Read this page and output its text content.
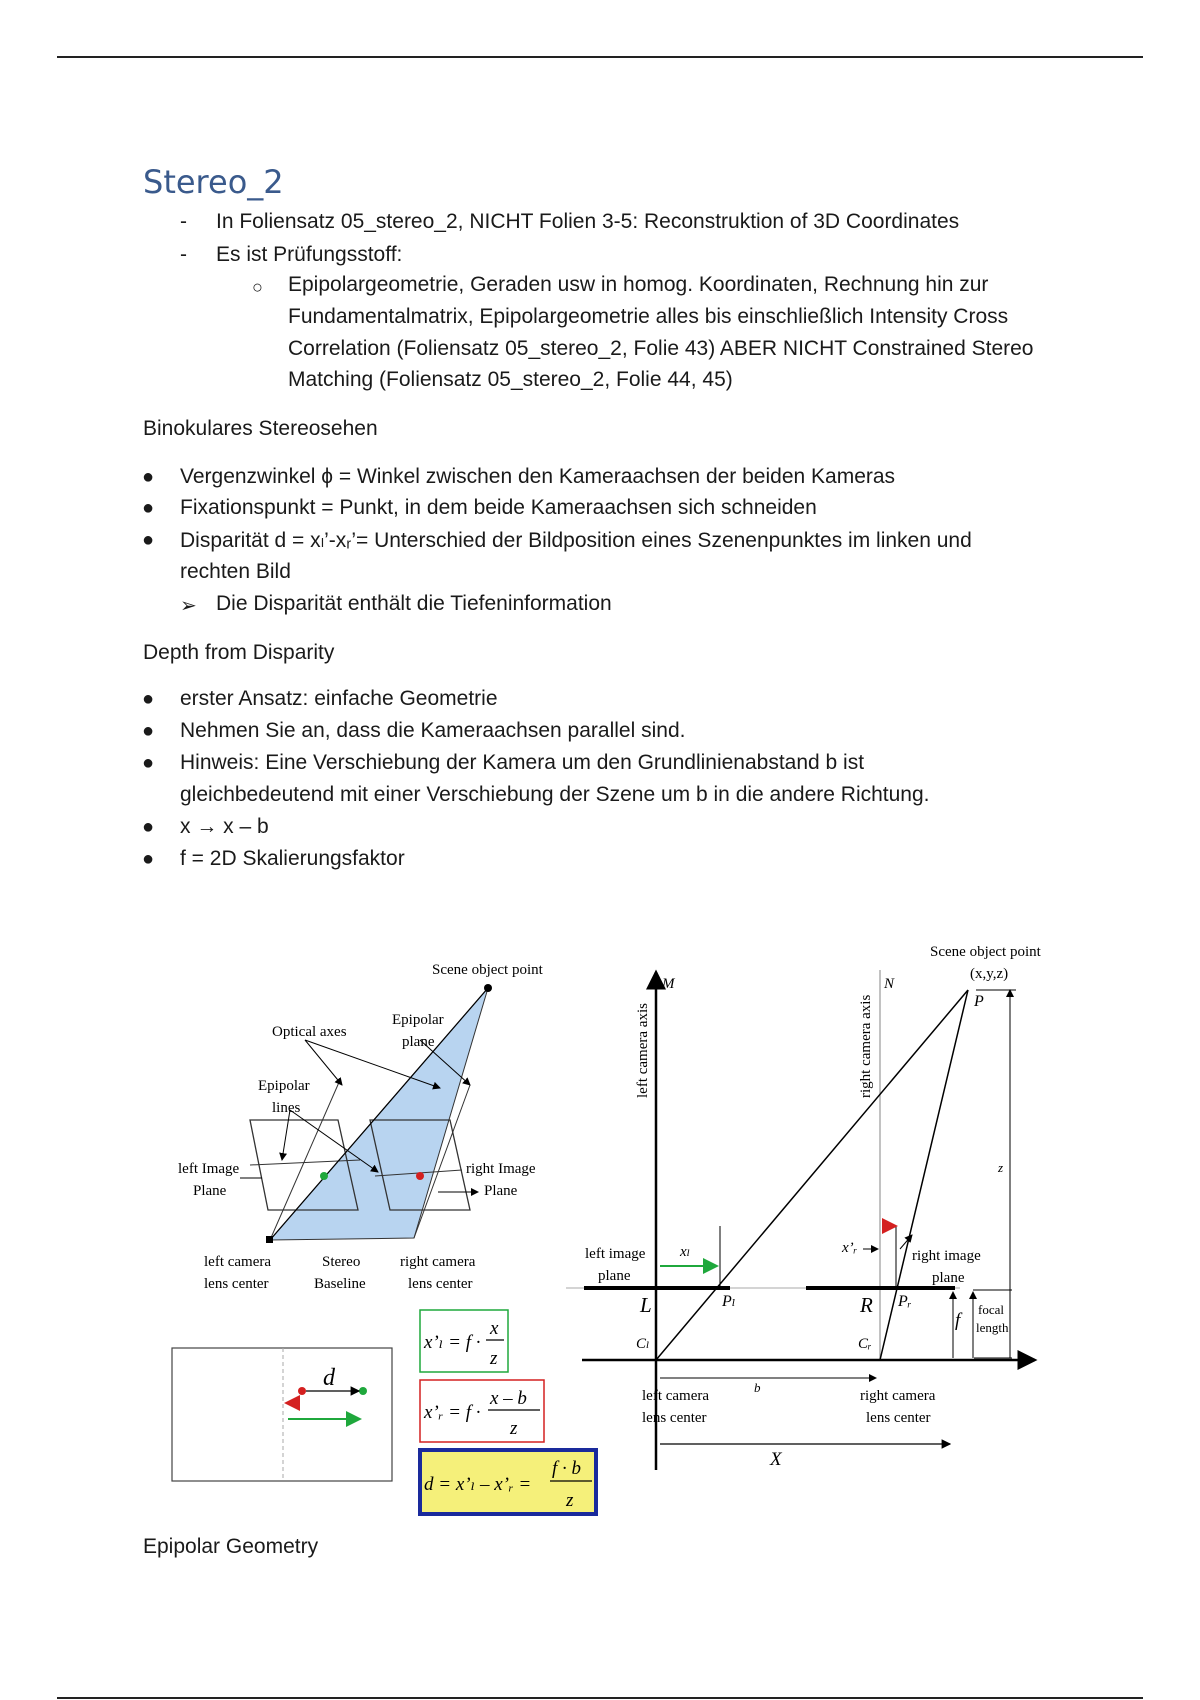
Stereo_2
- In Foliensatz 05_stereo_2, NICHT Folien 3-5: Reconstruktion of 3D Coordinates
- Es ist Prüfungsstoff:
○ Epipolargeometrie, Geraden usw in homog. Koordinaten, Rechnung hin zur
Fundamentalmatrix, Epipolargeometrie alles bis einschließlich Intensity Cross
Correlation (Foliensatz 05_stereo_2, Folie 43) ABER NICHT Constrained Stereo
Matching (Foliensatz 05_stereo_2, Folie 44, 45)
Binokulares Stereosehen
● Vergenzwinkel ϕ = Winkel zwischen den Kameraachsen der beiden Kameras
● Fixationspunkt = Punkt, in dem beide Kameraachsen sich schneiden
● Disparität d = xₗ’-xᵣ’= Unterschied der Bildposition eines Szenenpunktes im linken und
rechten Bild
➢ Die Disparität enthält die Tiefeninformation
Depth from Disparity
● erster Ansatz: einfache Geometrie
● Nehmen Sie an, dass die Kameraachsen parallel sind.
● Hinweis: Eine Verschiebung der Kamera um den Grundlinienabstand b ist
gleichbedeutend mit einer Verschiebung der Szene um b in die andere Richtung.
● x → x – b
● f = 2D Skalierungsfaktor
Scene object point
Optical axes
Epipolar
plane
Epipolar
lines
left Image
Plane
right Image
Plane
left camera
lens center
Stereo
Baseline
right camera
lens center
d
x’ₗ = f ·
x
z
x’ᵣ = f ·
x – b
z
d = x’ₗ – x’ᵣ =
f · b
z
Scene object point
(x,y,z)
P
M	N
left camera axis	right camera axis
left image
plane
right image
plane
xₗ	x’ᵣ
L	R
Pₗ	Pᵣ
Cₗ	Cᵣ
f
z
b
X
focal
length
left camera
lens center
right camera
lens center
Epipolar Geometry
